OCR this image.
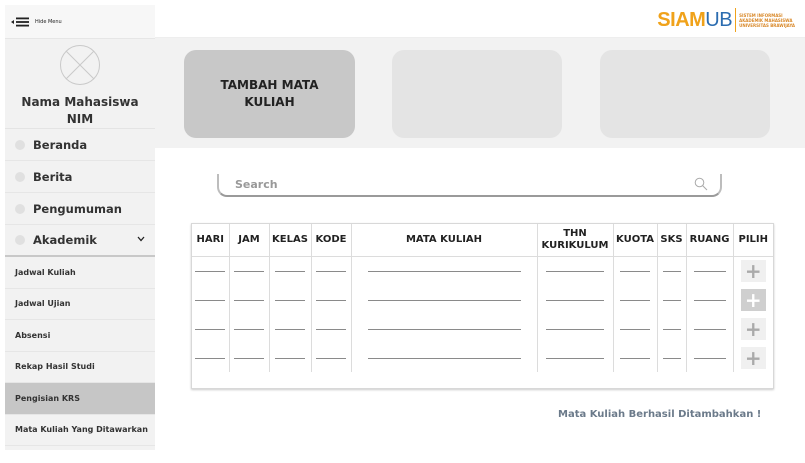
Hide Menu
Nama Mahasiswa
NIM
Beranda
Berita
Pengumuman
Akademik
Jadwal Kuliah
Jadwal Ujian
Absensi
Rekap Hasil Studi
Pengisian KRS
Mata Kuliah Yang Ditawarkan
SIAM UB SISTEM INFORMASI
AKADEMIK MAHASISWA
UNIVERSITAS BRAWIJAYA
TAMBAH MATA KULIAH
Search
HARI	JAM	KELAS	KODE	MATA KULIAH	THN KURIKULUM	KUOTA	SKS	RUANG	PILIH
									+
									+
									+
									+
Mata Kuliah Berhasil Ditambahkan !
